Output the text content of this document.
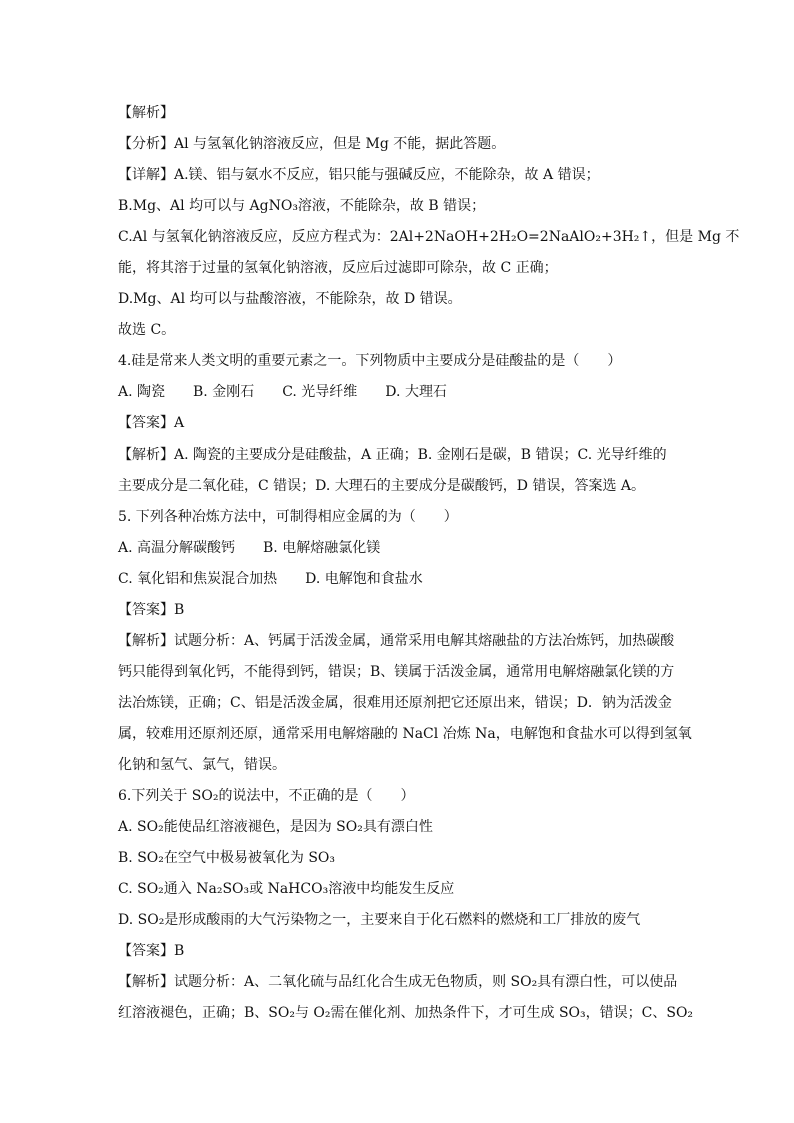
【解析】
【分析】Al 与氢氧化钠溶液反应，但是 Mg 不能，据此答题。
【详解】A.镁、铝与氨水不反应，铝只能与强碱反应，不能除杂，故 A 错误；
B.Mg、Al 均可以与 AgNO₃溶液，不能除杂，故 B 错误；
C.Al 与氢氧化钠溶液反应，反应方程式为：2Al+2NaOH+2H₂O=2NaAlO₂+3H₂↑，但是 Mg 不
能，将其溶于过量的氢氧化钠溶液，反应后过滤即可除杂，故 C 正确；
D.Mg、Al 均可以与盐酸溶液，不能除杂，故 D 错误。
故选 C。
4.硅是常来人类文明的重要元素之一。下列物质中主要成分是硅酸盐的是（　　）
A. 陶瓷　　B. 金刚石　　C. 光导纤维　　D. 大理石
【答案】A
【解析】A. 陶瓷的主要成分是硅酸盐，A 正确；B. 金刚石是碳，B 错误；C. 光导纤维的
主要成分是二氧化硅，C 错误；D. 大理石的主要成分是碳酸钙，D 错误，答案选 A。
5. 下列各种冶炼方法中，可制得相应金属的为（　　）
A. 高温分解碳酸钙　　B. 电解熔融氯化镁
C. 氧化铝和焦炭混合加热　　D. 电解饱和食盐水
【答案】B
【解析】试题分析：A、钙属于活泼金属，通常采用电解其熔融盐的方法冶炼钙，加热碳酸
钙只能得到氧化钙，不能得到钙，错误；B、镁属于活泼金属，通常用电解熔融氯化镁的方
法冶炼镁，正确；C、铝是活泼金属，很难用还原剂把它还原出来，错误；D．钠为活泼金
属，较难用还原剂还原，通常采用电解熔融的 NaCl 冶炼 Na，电解饱和食盐水可以得到氢氧
化钠和氢气、氯气，错误。
6.下列关于 SO₂的说法中，不正确的是（　　）
A. SO₂能使品红溶液褪色，是因为 SO₂具有漂白性
B. SO₂在空气中极易被氧化为 SO₃
C. SO₂通入 Na₂SO₃或 NaHCO₃溶液中均能发生反应
D. SO₂是形成酸雨的大气污染物之一，主要来自于化石燃料的燃烧和工厂排放的废气
【答案】B
【解析】试题分析：A、二氧化硫与品红化合生成无色物质，则 SO₂具有漂白性，可以使品
红溶液褪色，正确；B、SO₂与 O₂需在催化剂、加热条件下，才可生成 SO₃，错误；C、SO₂
